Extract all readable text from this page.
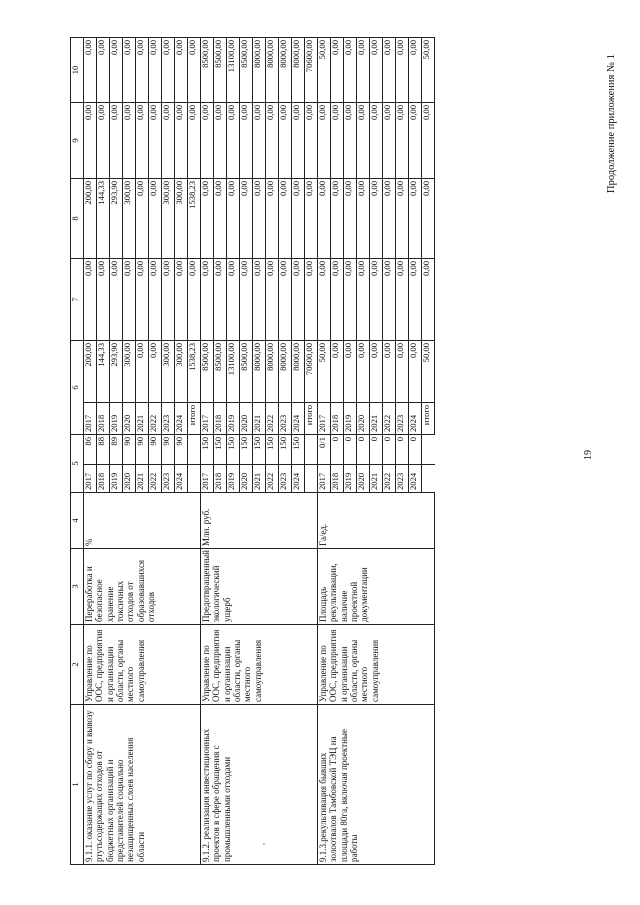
19
Продолжение приложения № 1
'
1	2	3	4	5		6		7	8	9	10
9.1.1. оказание услуг по сбору и вывозу ртутьсодержащих отходов от бюджетных организаций и представителей социально незащищенных слоев населения области	Управление по ООС, предприятия и организации области, органы местного самоуправления	Переработка и безопасное хранение токсичных отходов от образовавшихся отходов	%	2017	86	2017	200,00	0,00	200,00	0,00	0,00
				2018	88	2018	144,33	0,00	144,33	0,00	0,00
				2019	89	2019	293,90	0,00	293,90	0,00	0,00
				2020	90	2020	300,00	0,00	300,00	0,00	0,00
				2021	90	2021	0,00	0,00	0,00	0,00	0,00
				2022	90	2022	0,00	0,00	0,00	0,00	0,00
				2023	90	2023	300,00	0,00	300,00	0,00	0,00
				2024	90	2024	300,00	0,00	300,00	0,00	0,00
						итого	1538,23	0,00	1538,23	0,00	0,00
9.1.2. реализация инвестиционных проектов в сфере обращения с промышленными отходами	Управление по ООС, предприятия и организации области, органы местного самоуправления	Предотвращенный экологический ущерб	Млн. руб.	2017	150	2017	8500,00	0,00	0,00	0,00	8500,00
				2018	150	2018	8500,00	0,00	0,00	0,00	8500,00
				2019	150	2019	13100,00	0,00	0,00	0,00	13100,00
				2020	150	2020	8500,00	0,00	0,00	0,00	8500,00
				2021	150	2021	8000,00	0,00	0,00	0,00	8000,00
				2022	150	2022	8000,00	0,00	0,00	0,00	8000,00
				2023	150	2023	8000,00	0,00	0,00	0,00	8000,00
				2024	150	2024	8000,00	0,00	0,00	0,00	8000,00
						итого	70600,00	0,00	0,00	0,00	70600,00
9.1.3.рекультивация бывших золоотвалов Тамбовской ТЭЦ на площади 80га, включая проектные работы	Управление по ООС, предприятия и организации области, органы местного самоуправления	Площадь рекультивации, наличие проектной документации	Га/ед.	2017	0/1	2017	50,00	0,00	0,00	0,00	50,00
				2018	0	2018	0,00	0,00	0,00	0,00	0,00
				2019	0	2019	0,00	0,00	0,00	0,00	0,00
				2020	0	2020	0,00	0,00	0,00	0,00	0,00
				2021	0	2021	0,00	0,00	0,00	0,00	0,00
				2022	0	2022	0,00	0,00	0,00	0,00	0,00
				2023	0	2023	0,00	0,00	0,00	0,00	0,00
				2024	0	2024	0,00	0,00	0,00	0,00	0,00
						итого	50,00	0,00	0,00	0,00	50,00
